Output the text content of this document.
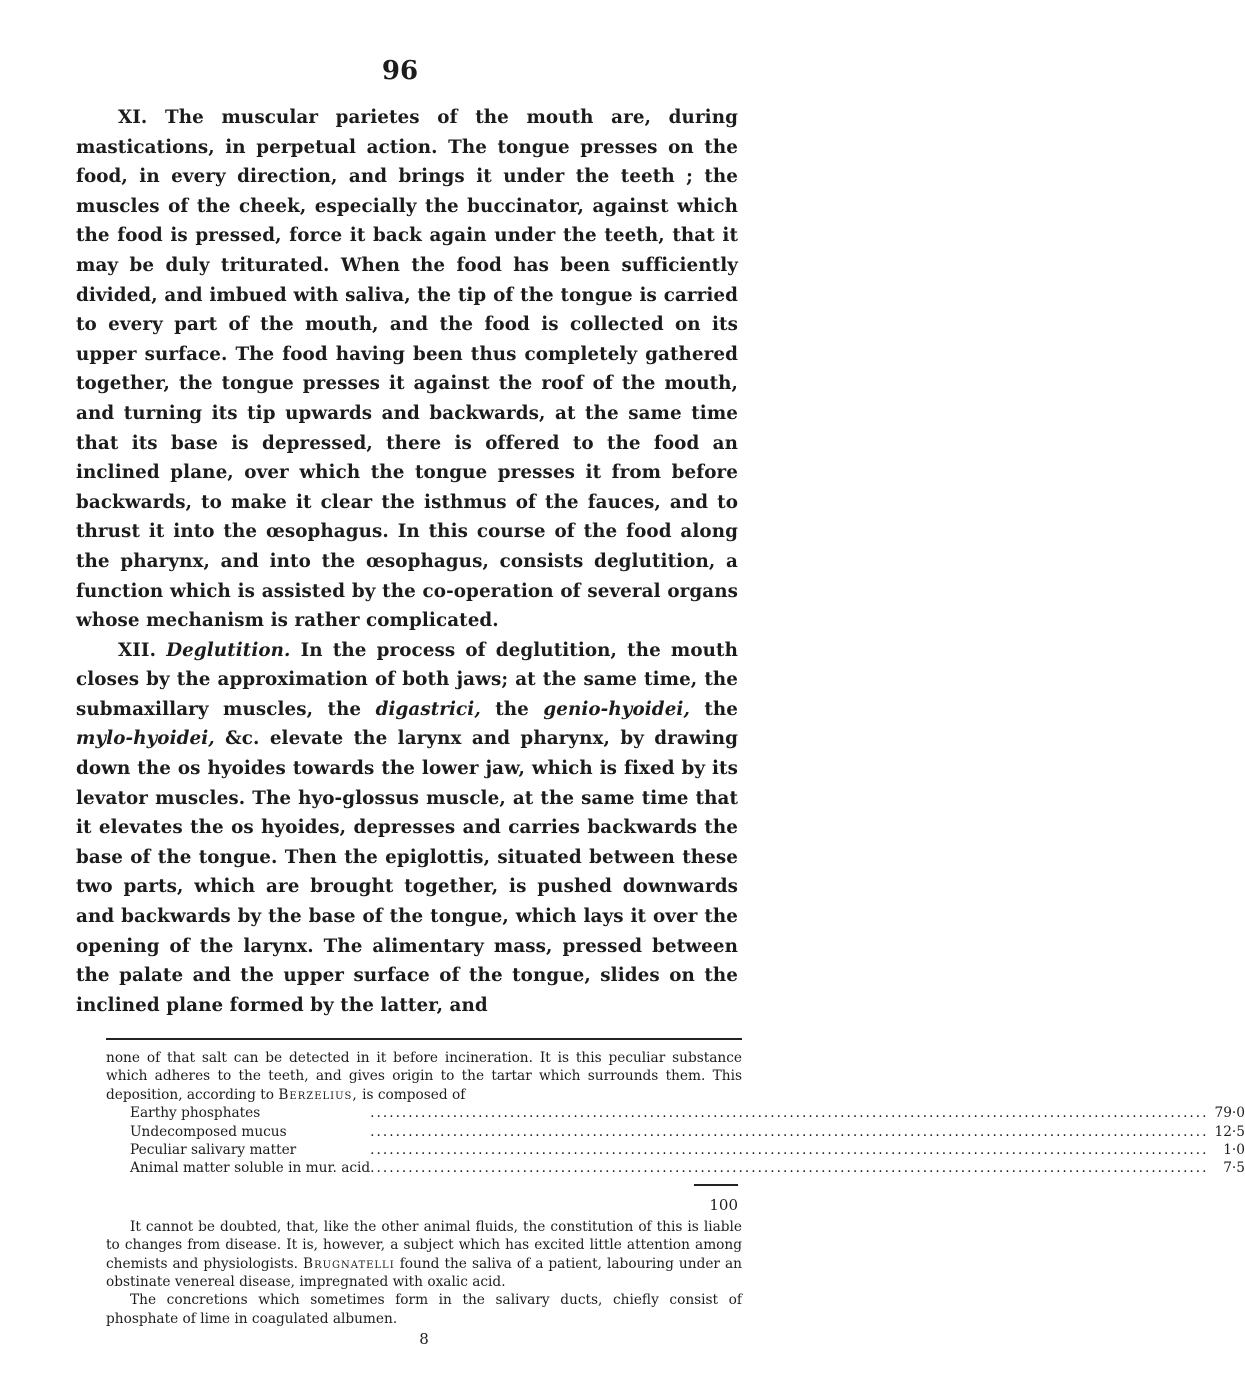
96

XI. The muscular parietes of the mouth are, during mastications, in perpetual action. The tongue presses on the food, in every direction, and brings it under the teeth ; the muscles of the cheek, especially the buccinator, against which the food is pressed, force it back again under the teeth, that it may be duly triturated. When the food has been sufficiently divided, and imbued with saliva, the tip of the tongue is carried to every part of the mouth, and the food is collected on its upper surface. The food having been thus completely gathered together, the tongue presses it against the roof of the mouth, and turning its tip upwards and backwards, at the same time that its base is depressed, there is offered to the food an inclined plane, over which the tongue presses it from before backwards, to make it clear the isthmus of the fauces, and to thrust it into the œsophagus. In this course of the food along the pharynx, and into the œsophagus, consists deglutition, a function which is assisted by the co-operation of several organs whose mechanism is rather complicated.

XII. Deglutition. In the process of deglutition, the mouth closes by the approximation of both jaws; at the same time, the submaxillary muscles, the digastrici, the genio-hyoidei, the mylo-hyoidei, &c. elevate the larynx and pharynx, by drawing down the os hyoides towards the lower jaw, which is fixed by its levator muscles. The hyo-glossus muscle, at the same time that it elevates the os hyoides, depresses and carries backwards the base of the tongue. Then the epiglottis, situated between these two parts, which are brought together, is pushed downwards and backwards by the base of the tongue, which lays it over the opening of the larynx. The alimentary mass, pressed between the palate and the upper surface of the tongue, slides on the inclined plane formed by the latter, and

none of that salt can be detected in it before incineration. It is this peculiar substance which adheres to the teeth, and gives origin to the tartar which surrounds them. This deposition, according to Berzelius, is composed of

Earthy phosphates	.....	79·0
Undecomposed mucus	.....	12·5
Peculiar salivary matter	.....	1·0
Animal matter soluble in mur. acid	.....	7·5
100

It cannot be doubted, that, like the other animal fluids, the constitution of this is liable to changes from disease. It is, however, a subject which has excited little attention among chemists and physiologists. Brugnatelli found the saliva of a patient, labouring under an obstinate venereal disease, impregnated with oxalic acid.

The concretions which sometimes form in the salivary ducts, chiefly consist of phosphate of lime in coagulated albumen.

8
